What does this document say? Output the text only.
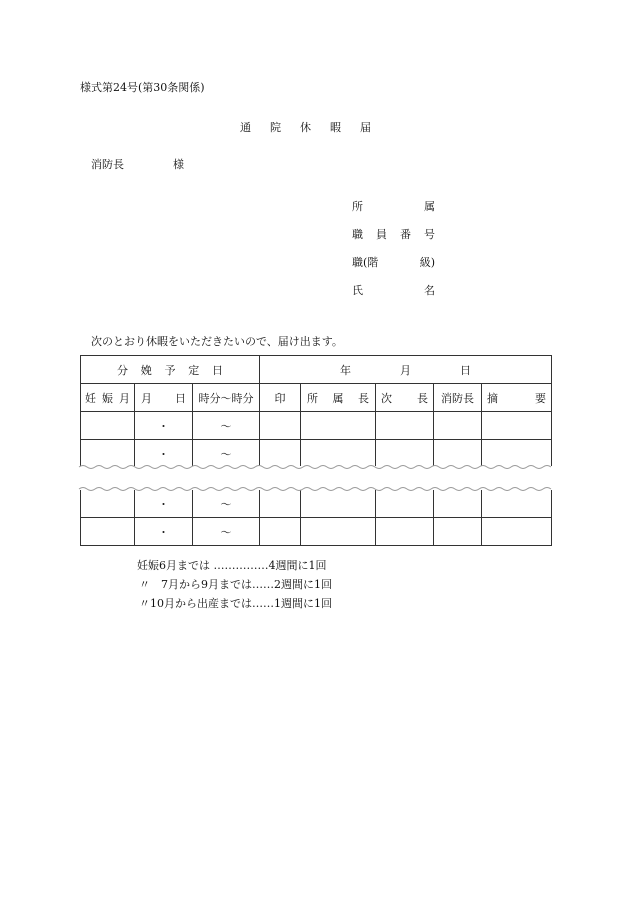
様式第24号(第30条関係)
通院休暇届
消防長	様
所	属
職 員 番 号
職(階	級)
氏	名
次のとおり休暇をいただきたいので、届け出ます。
分 娩 予 定 日			年 月 日				

妊 娠 月	月 日	時分〜時分	印	所 属 長	次 長	消防長	摘 要

	・	〜					
	・	〜					

	・	〜					
	・	〜					
妊娠6月までは ……………4週間に1回
〃　7月から9月までは……2週間に1回
〃10月から出産までは……1週間に1回
